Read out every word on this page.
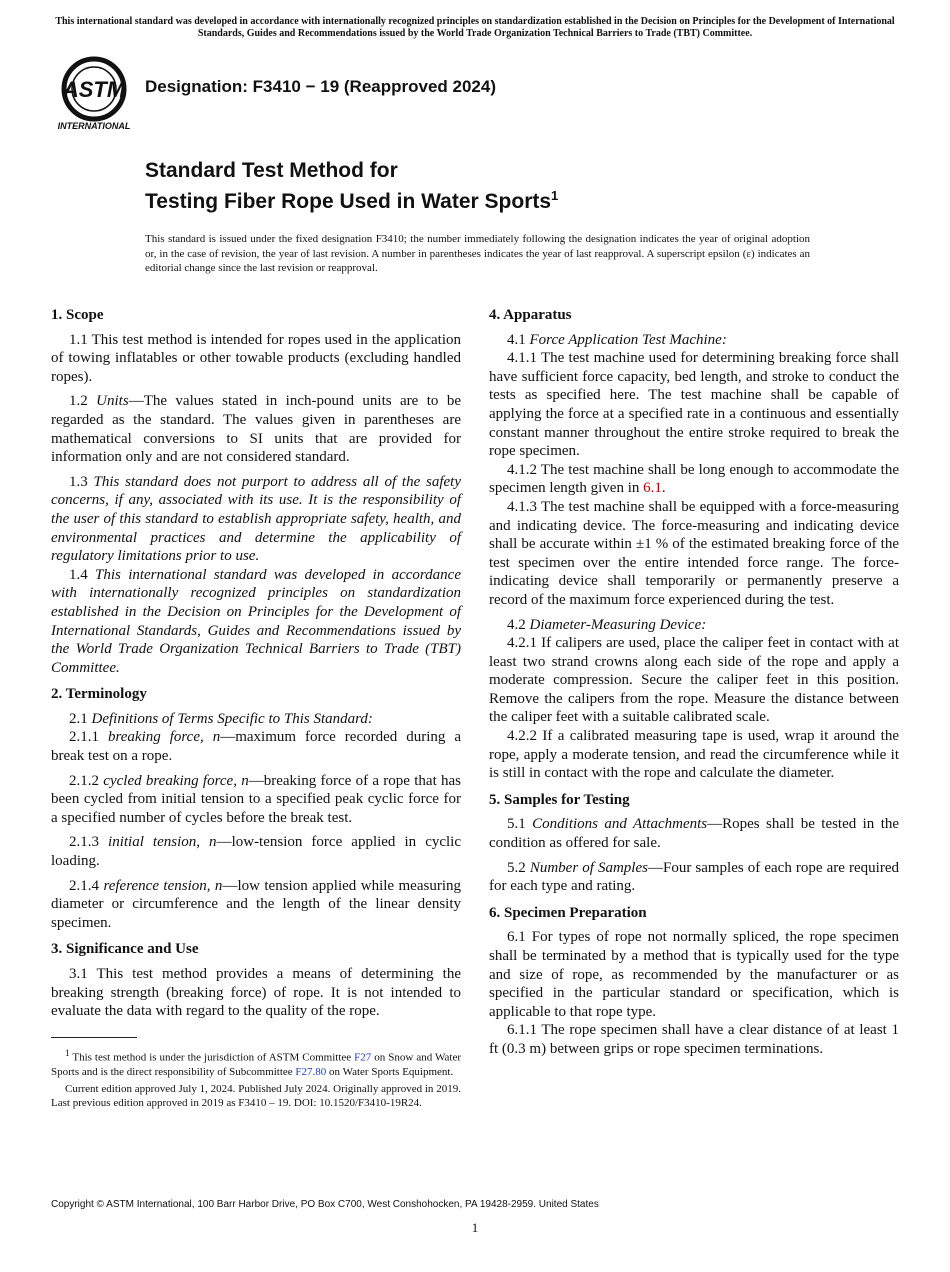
This international standard was developed in accordance with internationally recognized principles on standardization established in the Decision on Principles for the Development of International Standards, Guides and Recommendations issued by the World Trade Organization Technical Barriers to Trade (TBT) Committee.
ASTM
INTERNATIONAL
Designation: F3410 − 19 (Reapproved 2024)
Standard Test Method for
Testing Fiber Rope Used in Water Sports$^1$
This standard is issued under the fixed designation F3410; the number immediately following the designation indicates the year of original adoption or, in the case of revision, the year of last revision. A number in parentheses indicates the year of last reapproval. A superscript epsilon (ε) indicates an editorial change since the last revision or reapproval.
1. Scope

1.1 This test method is intended for ropes used in the application of towing inflatables or other towable products (excluding handled ropes).

1.2 Units—The values stated in inch-pound units are to be regarded as the standard. The values given in parentheses are mathematical conversions to SI units that are provided for information only and are not considered standard.

1.3 This standard does not purport to address all of the safety concerns, if any, associated with its use. It is the responsibility of the user of this standard to establish appropriate safety, health, and environmental practices and determine the applicability of regulatory limitations prior to use.

1.4 This international standard was developed in accordance with internationally recognized principles on standardization established in the Decision on Principles for the Development of International Standards, Guides and Recommendations issued by the World Trade Organization Technical Barriers to Trade (TBT) Committee.

2. Terminology

2.1 Definitions of Terms Specific to This Standard:

2.1.1 breaking force, n—maximum force recorded during a break test on a rope.

2.1.2 cycled breaking force, n—breaking force of a rope that has been cycled from initial tension to a specified peak cyclic force for a specified number of cycles before the break test.

2.1.3 initial tension, n—low-tension force applied in cyclic loading.

2.1.4 reference tension, n—low tension applied while measuring diameter or circumference and the length of the linear density specimen.

3. Significance and Use

3.1 This test method provides a means of determining the breaking strength (breaking force) of rope. It is not intended to evaluate the data with regard to the quality of the rope.

4. Apparatus

4.1 Force Application Test Machine:

4.1.1 The test machine used for determining breaking force shall have sufficient force capacity, bed length, and stroke to conduct the tests as specified here. The test machine shall be capable of applying the force at a specified rate in a continuous and essentially constant manner throughout the entire stroke required to break the rope specimen.

4.1.2 The test machine shall be long enough to accommodate the specimen length given in 6.1.

4.1.3 The test machine shall be equipped with a force-measuring and indicating device. The force-measuring and indicating device shall be accurate within ±1 % of the estimated breaking force of the test specimen over the entire intended force range. The force-indicating device shall temporarily or permanently preserve a record of the maximum force experienced during the test.

4.2 Diameter-Measuring Device:

4.2.1 If calipers are used, place the caliper feet in contact with at least two strand crowns along each side of the rope and apply a moderate compression. Secure the caliper feet in this position. Remove the calipers from the rope. Measure the distance between the caliper feet with a suitable calibrated scale.

4.2.2 If a calibrated measuring tape is used, wrap it around the rope, apply a moderate tension, and read the circumference while it is still in contact with the rope and calculate the diameter.

5. Samples for Testing

5.1 Conditions and Attachments—Ropes shall be tested in the condition as offered for sale.

5.2 Number of Samples—Four samples of each rope are required for each type and rating.

6. Specimen Preparation

6.1 For types of rope not normally spliced, the rope specimen shall be terminated by a method that is typically used for the type and size of rope, as recommended by the manufacturer or as specified in the particular standard or specification, which is applicable to that rope type.

6.1.1 The rope specimen shall have a clear distance of at least 1 ft (0.3 m) between grips or rope specimen terminations.

$^1$ This test method is under the jurisdiction of ASTM Committee F27 on Snow and Water Sports and is the direct responsibility of Subcommittee F27.80 on Water Sports Equipment.

Current edition approved July 1, 2024. Published July 2024. Originally approved in 2019. Last previous edition approved in 2019 as F3410 – 19. DOI: 10.1520/F3410-19R24.

Copyright © ASTM International, 100 Barr Harbor Drive, PO Box C700, West Conshohocken, PA 19428-2959. United States
1
